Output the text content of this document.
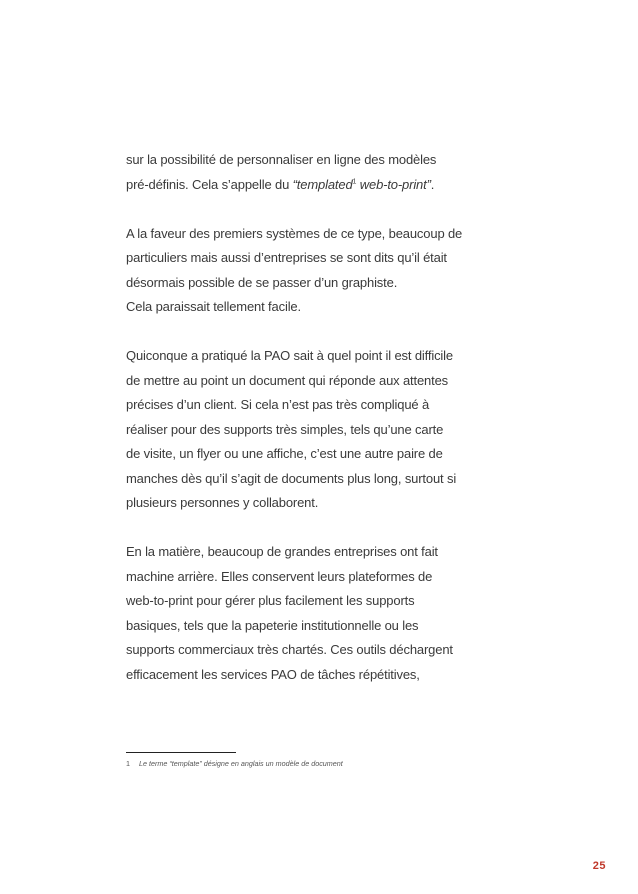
sur la possibilité de personnaliser en ligne des modèles
pré-définis. Cela s’appelle du “templated$^1$ web-to-print”.
A la faveur des premiers systèmes de ce type, beaucoup de
particuliers mais aussi d’entreprises se sont dits qu’il était
désormais possible de se passer d’un graphiste.
Cela paraissait tellement facile.
Quiconque a pratiqué la PAO sait à quel point il est difficile
de mettre au point un document qui réponde aux attentes
précises d’un client. Si cela n’est pas très compliqué à
réaliser pour des supports très simples, tels qu’une carte
de visite, un flyer ou une affiche, c’est une autre paire de
manches dès qu’il s’agit de documents plus long, surtout si
plusieurs personnes y collaborent.
En la matière, beaucoup de grandes entreprises ont fait
machine arrière. Elles conservent leurs plateformes de
web-to-print pour gérer plus facilement les supports
basiques, tels que la papeterie institutionnelle ou les
supports commerciaux très chartés. Ces outils déchargent
efficacement les services PAO de tâches répétitives,
1 Le terme “template” désigne en anglais un modèle de document
25
